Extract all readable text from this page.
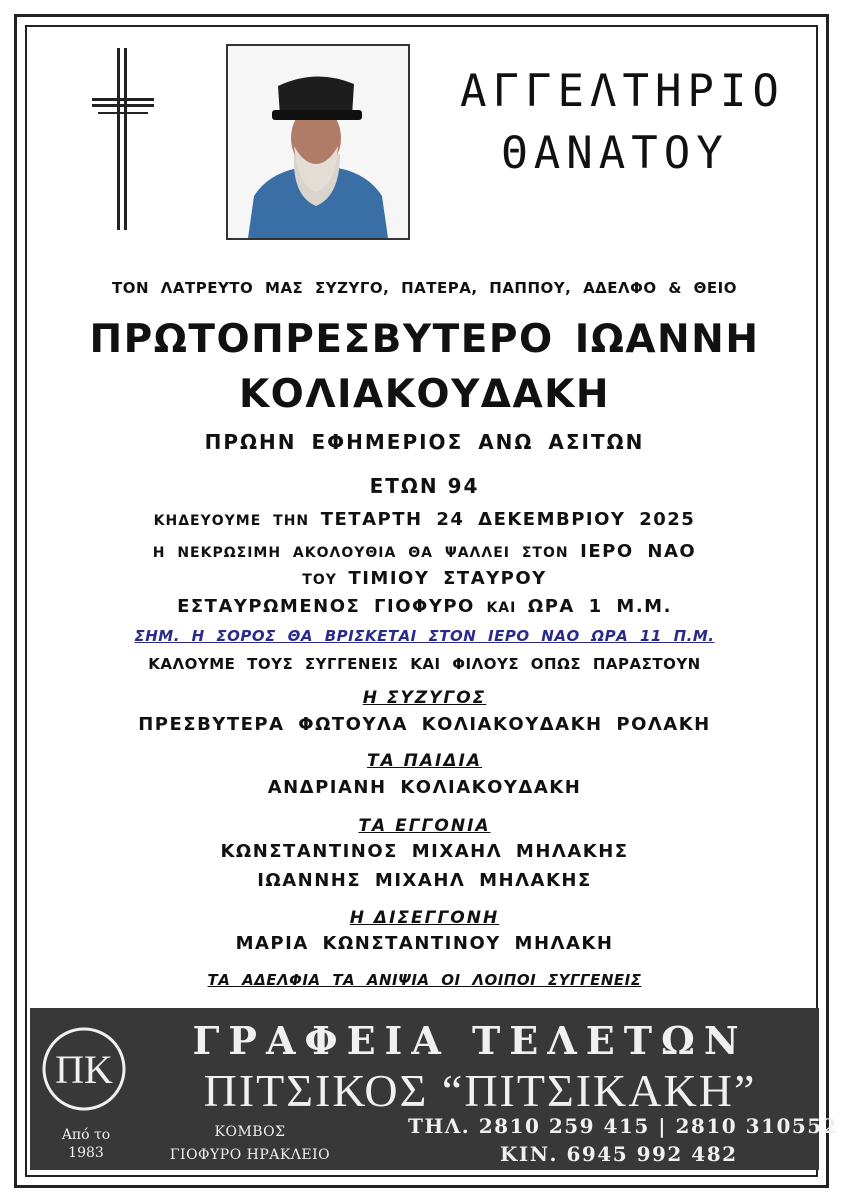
ΑΓΓΕΛΤΗΡΙΟ
ΘΑΝΑΤΟΥ
ΤΟΝ ΛΑΤΡΕΥΤΟ ΜΑΣ ΣΥΖΥΓΟ, ΠΑΤΕΡΑ, ΠΑΠΠΟΥ, ΑΔΕΛΦΟ & ΘΕΙΟ
ΠΡΩΤΟΠΡΕΣΒΥΤΕΡΟ ΙΩΑΝΝΗ
ΚΟΛΙΑΚΟΥΔΑΚΗ
ΠΡΩΗΝ ΕΦΗΜΕΡΙΟΣ ΑΝΩ ΑΣΙΤΩΝ
ΕΤΩΝ 94
ΚΗΔΕΥΟΥΜΕ ΤΗΝ ΤΕΤΑΡΤΗ 24 ΔΕΚΕΜΒΡΙΟΥ 2025
Η ΝΕΚΡΩΣΙΜΗ ΑΚΟΛΟΥΘΙΑ ΘΑ ΨΑΛΛΕΙ ΣΤΟΝ ΙΕΡΟ ΝΑΟ
ΤΟΥ ΤΙΜΙΟΥ ΣΤΑΥΡΟΥ
ΕΣΤΑΥΡΩΜΕΝΟΣ ΓΙΟΦΥΡΟ ΚΑΙ ΩΡΑ 1 Μ.Μ.
ΣΗΜ. Η ΣΟΡΟΣ ΘΑ ΒΡΙΣΚΕΤΑΙ ΣΤΟΝ ΙΕΡΟ ΝΑΟ ΩΡΑ 11 Π.Μ.
ΚΑΛΟΥΜΕ ΤΟΥΣ ΣΥΓΓΕΝΕΙΣ ΚΑΙ ΦΙΛΟΥΣ ΟΠΩΣ ΠΑΡΑΣΤΟΥΝ
Η ΣΥΖΥΓΟΣ
ΠΡΕΣΒΥΤΕΡΑ ΦΩΤΟΥΛΑ ΚΟΛΙΑΚΟΥΔΑΚΗ ΡΟΛΑΚΗ
ΤΑ ΠΑΙΔΙΑ
ΑΝΔΡΙΑΝΗ ΚΟΛΙΑΚΟΥΔΑΚΗ
ΤΑ ΕΓΓΟΝΙΑ
ΚΩΝΣΤΑΝΤΙΝΟΣ ΜΙΧΑΗΛ ΜΗΛΑΚΗΣ
ΙΩΑΝΝΗΣ ΜΙΧΑΗΛ ΜΗΛΑΚΗΣ
Η ΔΙΣΕΓΓΟΝΗ
ΜΑΡΙΑ ΚΩΝΣΤΑΝΤΙΝΟΥ ΜΗΛΑΚΗ
ΤΑ ΑΔΕΛΦΙΑ ΤΑ ΑΝΙΨΙΑ ΟΙ ΛΟΙΠΟΙ ΣΥΓΓΕΝΕΙΣ
ΠΚ
Από το
1983
ΓΡΑΦΕΙΑ ΤΕΛΕΤΩΝ
ΠΙΤΣΙΚΟΣ “ΠΙΤΣΙΚΑΚΗ”
ΚΟΜΒΟΣ
ΓΙΟΦΥΡΟ ΗΡΑΚΛΕΙΟ
ΤΗΛ. 2810 259 415 | 2810 310552
ΚΙΝ. 6945 992 482
